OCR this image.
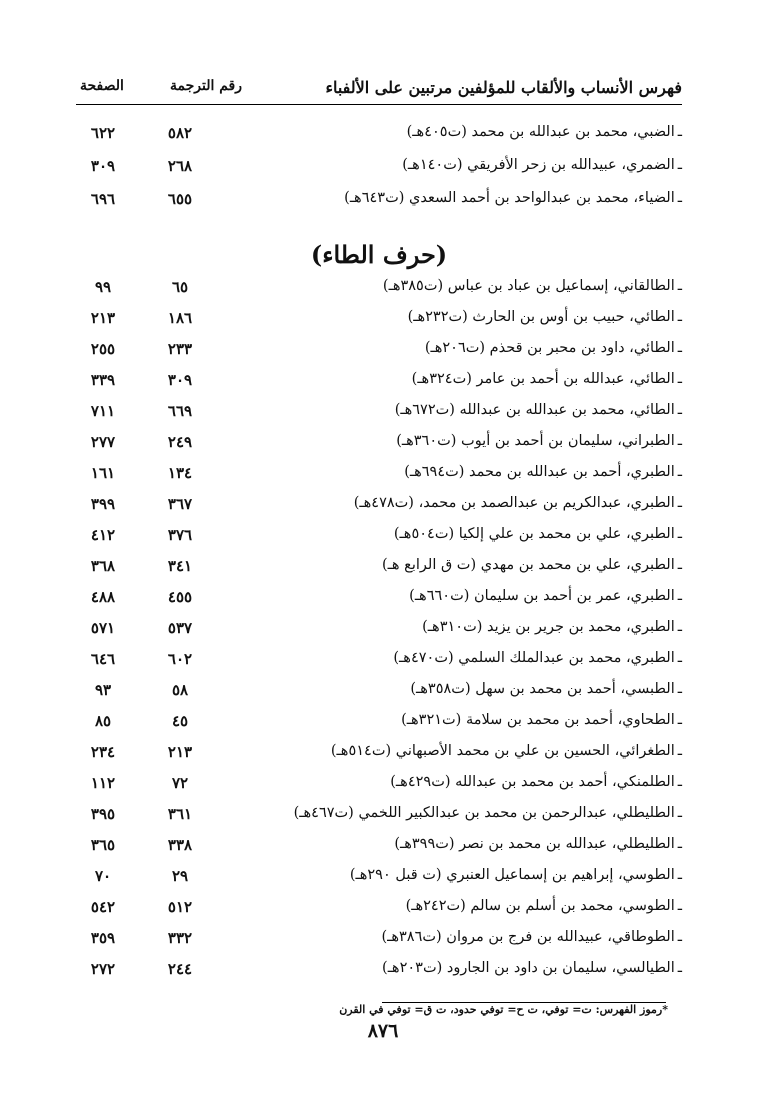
فهرس الأنساب والألقاب للمؤلفين مرتبين على الألفباء
رقم الترجمة
الصفحة
ـالضبي، محمد بن عبدالله بن محمد (ت٤٠٥هـ)
٥٨٢
٦٢٢
ـالضمري، عبيدالله بن زحر الأفريقي (ت١٤٠هـ)
٢٦٨
٣٠٩
ـالضياء، محمد بن عبدالواحد بن أحمد السعدي (ت٦٤٣هـ)
٦٥٥
٦٩٦
(حرف الطاء)
ـالطالقاني، إسماعيل بن عباد بن عباس (ت٣٨٥هـ)
٦٥
٩٩
ـالطائي، حبيب بن أوس بن الحارث (ت٢٣٢هـ)
١٨٦
٢١٣
ـالطائي، داود بن محبر بن قحذم (ت٢٠٦هـ)
٢٣٣
٢٥٥
ـالطائي، عبدالله بن أحمد بن عامر (ت٣٢٤هـ)
٣٠٩
٣٣٩
ـالطائي، محمد بن عبدالله بن عبدالله (ت٦٧٢هـ)
٦٦٩
٧١١
ـالطبراني، سليمان بن أحمد بن أيوب (ت٣٦٠هـ)
٢٤٩
٢٧٧
ـالطبري، أحمد بن عبدالله بن محمد (ت٦٩٤هـ)
١٣٤
١٦١
ـالطبري، عبدالكريم بن عبدالصمد بن محمد، (ت٤٧٨هـ)
٣٦٧
٣٩٩
ـالطبري، علي بن محمد بن علي إلكيا (ت٥٠٤هـ)
٣٧٦
٤١٢
ـالطبري، علي بن محمد بن مهدي (ت ق الرابع هـ)
٣٤١
٣٦٨
ـالطبري، عمر بن أحمد بن سليمان (ت٦٦٠هـ)
٤٥٥
٤٨٨
ـالطبري، محمد بن جرير بن يزيد (ت٣١٠هـ)
٥٣٧
٥٧١
ـالطبري، محمد بن عبدالملك السلمي (ت٤٧٠هـ)
٦٠٢
٦٤٦
ـالطبسي، أحمد بن محمد بن سهل (ت٣٥٨هـ)
٥٨
٩٣
ـالطحاوي، أحمد بن محمد بن سلامة (ت٣٢١هـ)
٤٥
٨٥
ـالطغرائي، الحسين بن علي بن محمد الأصبهاني (ت٥١٤هـ)
٢١٣
٢٣٤
ـالطلمنكي، أحمد بن محمد بن عبدالله (ت٤٢٩هـ)
٧٢
١١٢
ـالطليطلي، عبدالرحمن بن محمد بن عبدالكبير اللخمي (ت٤٦٧هـ)
٣٦١
٣٩٥
ـالطليطلي، عبدالله بن محمد بن نصر (ت٣٩٩هـ)
٣٣٨
٣٦٥
ـالطوسي، إبراهيم بن إسماعيل العنبري (ت قبل ٢٩٠هـ)
٢٩
٧٠
ـالطوسي، محمد بن أسلم بن سالم (ت٢٤٢هـ)
٥١٢
٥٤٢
ـالطوطاقي، عبيدالله بن فرج بن مروان (ت٣٨٦هـ)
٣٣٢
٣٥٩
ـالطيالسي، سليمان بن داود بن الجارود (ت٢٠٣هـ)
٢٤٤
٢٧٢
*رموز الفهرس: ت= توفي، ت ح= توفي حدود، ت ق= توفي في القرن
٨٧٦
